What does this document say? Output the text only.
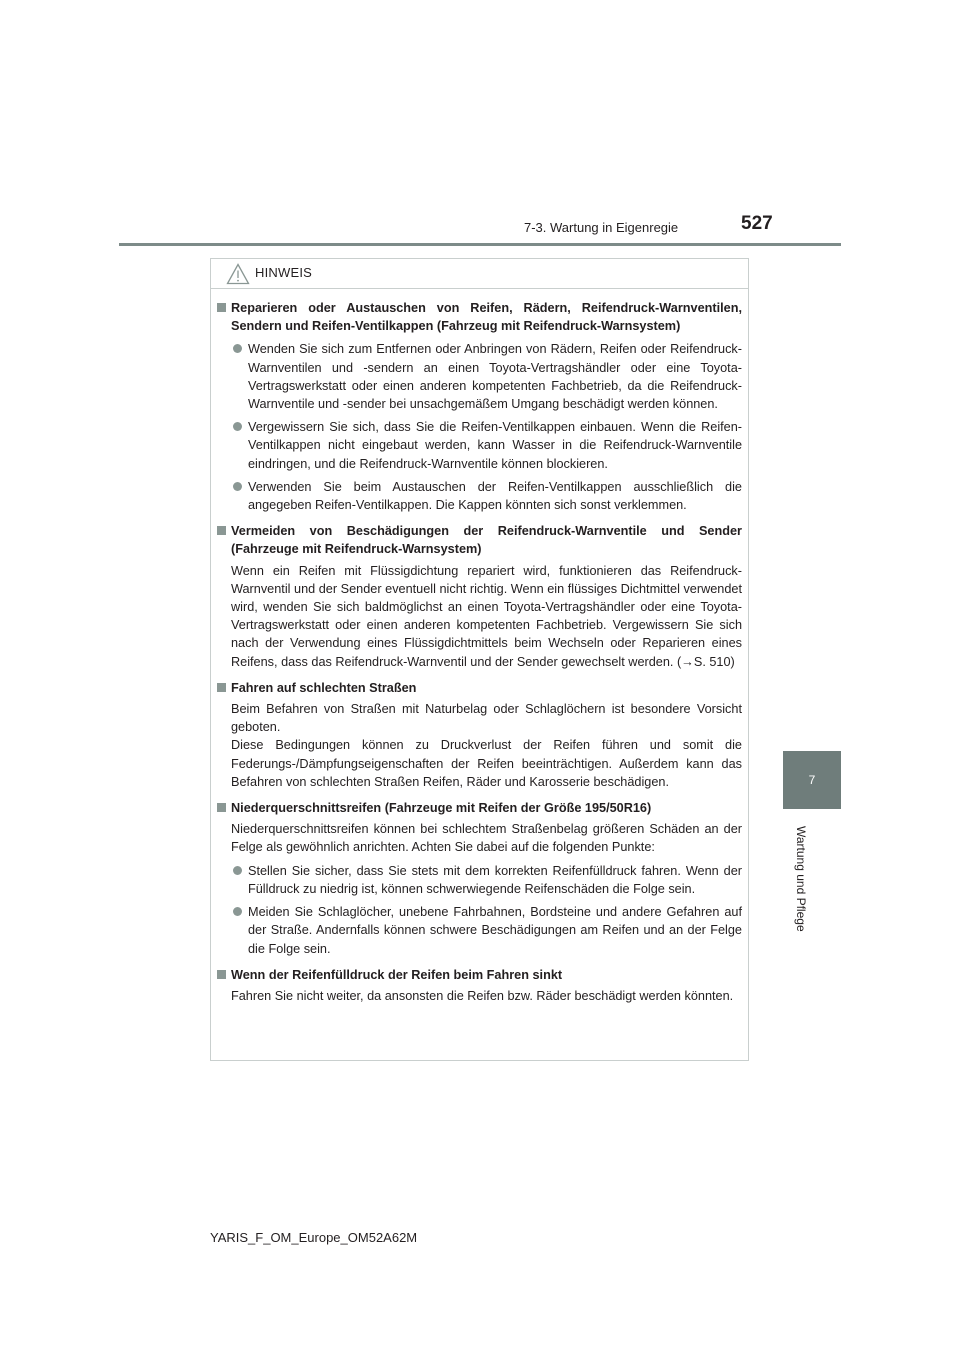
7-3. Wartung in Eigenregie	527
7
Wartung und Pflege
HINWEIS
Reparieren oder Austauschen von Reifen, Rädern, Reifendruck-Warnventilen, Sendern und Reifen-Ventilkappen (Fahrzeug mit Reifendruck-Warnsystem)
Wenden Sie sich zum Entfernen oder Anbringen von Rädern, Reifen oder Reifendruck-Warnventilen und -sendern an einen Toyota-Vertragshändler oder eine Toyota-Vertragswerkstatt oder einen anderen kompetenten Fachbetrieb, da die Reifendruck-Warnventile und -sender bei unsachgemäßem Umgang beschädigt werden können.
Vergewissern Sie sich, dass Sie die Reifen-Ventilkappen einbauen. Wenn die Reifen-Ventilkappen nicht eingebaut werden, kann Wasser in die Reifendruck-Warnventile eindringen, und die Reifendruck-Warnventile können blockieren.
Verwenden Sie beim Austauschen der Reifen-Ventilkappen ausschließlich die angegeben Reifen-Ventilkappen. Die Kappen könnten sich sonst verklemmen.
Vermeiden von Beschädigungen der Reifendruck-Warnventile und Sender (Fahrzeuge mit Reifendruck-Warnsystem)
Wenn ein Reifen mit Flüssigdichtung repariert wird, funktionieren das Reifendruck-Warnventil und der Sender eventuell nicht richtig. Wenn ein flüssiges Dichtmittel verwendet wird, wenden Sie sich baldmöglichst an einen Toyota-Vertragshändler oder eine Toyota-Vertragswerkstatt oder einen anderen kompetenten Fachbetrieb. Vergewissern Sie sich nach der Verwendung eines Flüssigdichtmittels beim Wechseln oder Reparieren eines Reifens, dass das Reifendruck-Warnventil und der Sender gewechselt werden. (→S. 510)
Fahren auf schlechten Straßen
Beim Befahren von Straßen mit Naturbelag oder Schlaglöchern ist besondere Vorsicht geboten.
Diese Bedingungen können zu Druckverlust der Reifen führen und somit die Federungs-/Dämpfungseigenschaften der Reifen beeinträchtigen. Außerdem kann das Befahren von schlechten Straßen Reifen, Räder und Karosserie beschädigen.
Niederquerschnittsreifen (Fahrzeuge mit Reifen der Größe 195/50R16)
Niederquerschnittsreifen können bei schlechtem Straßenbelag größeren Schäden an der Felge als gewöhnlich anrichten. Achten Sie dabei auf die folgenden Punkte:
Stellen Sie sicher, dass Sie stets mit dem korrekten Reifenfülldruck fahren. Wenn der Fülldruck zu niedrig ist, können schwerwiegende Reifenschäden die Folge sein.
Meiden Sie Schlaglöcher, unebene Fahrbahnen, Bordsteine und andere Gefahren auf der Straße. Andernfalls können schwere Beschädigungen am Reifen und an der Felge die Folge sein.
Wenn der Reifenfülldruck der Reifen beim Fahren sinkt
Fahren Sie nicht weiter, da ansonsten die Reifen bzw. Räder beschädigt werden könnten.
YARIS_F_OM_Europe_OM52A62M
